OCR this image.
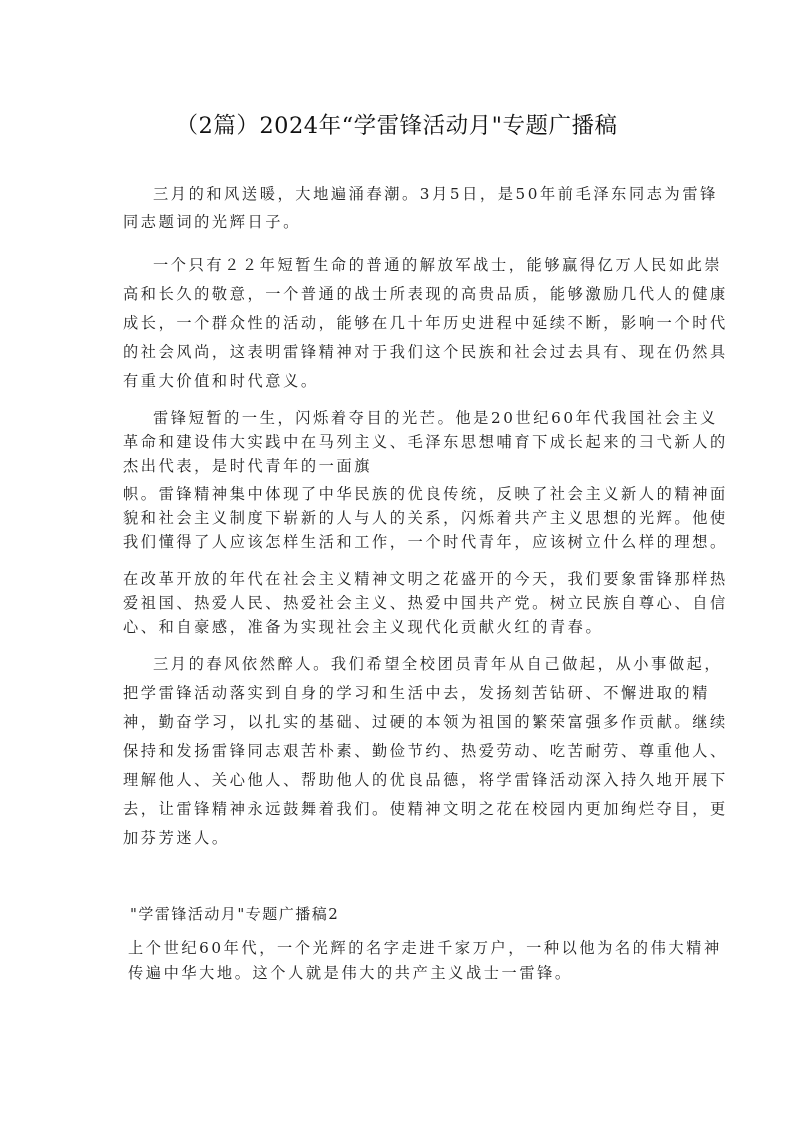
（2篇）2024年“学雷锋活动月"专题广播稿
三月的和风送暖，大地遍涌春潮。3月5日，是50年前毛泽东同志为雷锋
同志题词的光辉日子。
一个只有２２年短暂生命的普通的解放军战士，能够赢得亿万人民如此崇
高和长久的敬意，一个普通的战士所表现的高贵品质，能够激励几代人的健康
成长，一个群众性的活动，能够在几十年历史进程中延续不断，影响一个时代
的社会风尚，这表明雷锋精神对于我们这个民族和社会过去具有、现在仍然具
有重大价值和时代意义。
雷锋短暂的一生，闪烁着夺目的光芒。他是20世纪60年代我国社会主义
革命和建设伟大实践中在马列主义、毛泽东思想哺育下成长起来的彐弋新人的
杰出代表，是时代青年的一面旗
帜。雷锋精神集中体现了中华民族的优良传统，反映了社会主义新人的精神面
貌和社会主义制度下崭新的人与人的关系，闪烁着共产主义思想的光辉。他使
我们懂得了人应该怎样生活和工作，一个时代青年，应该树立什么样的理想。
在改革开放的年代在社会主义精神文明之花盛开的今天，我们要象雷锋那样热
爱祖国、热爱人民、热爱社会主义、热爱中国共产党。树立民族自尊心、自信
心、和自豪感，准备为实现社会主义现代化贡献火红的青春。
三月的春风依然醉人。我们希望全校团员青年从自己做起，从小事做起，
把学雷锋活动落实到自身的学习和生活中去，发扬刻苦钻研、不懈进取的精
神，勤奋学习，以扎实的基础、过硬的本领为祖国的繁荣富强多作贡献。继续
保持和发扬雷锋同志艰苦朴素、勤俭节约、热爱劳动、吃苦耐劳、尊重他人、
理解他人、关心他人、帮助他人的优良品德，将学雷锋活动深入持久地开展下
去，让雷锋精神永远鼓舞着我们。使精神文明之花在校园内更加绚烂夺目，更
加芬芳迷人。
"学雷锋活动月"专题广播稿2
上个世纪60年代，一个光辉的名字走进千家万户，一种以他为名的伟大精神
传遍中华大地。这个人就是伟大的共产主义战士一雷锋。
